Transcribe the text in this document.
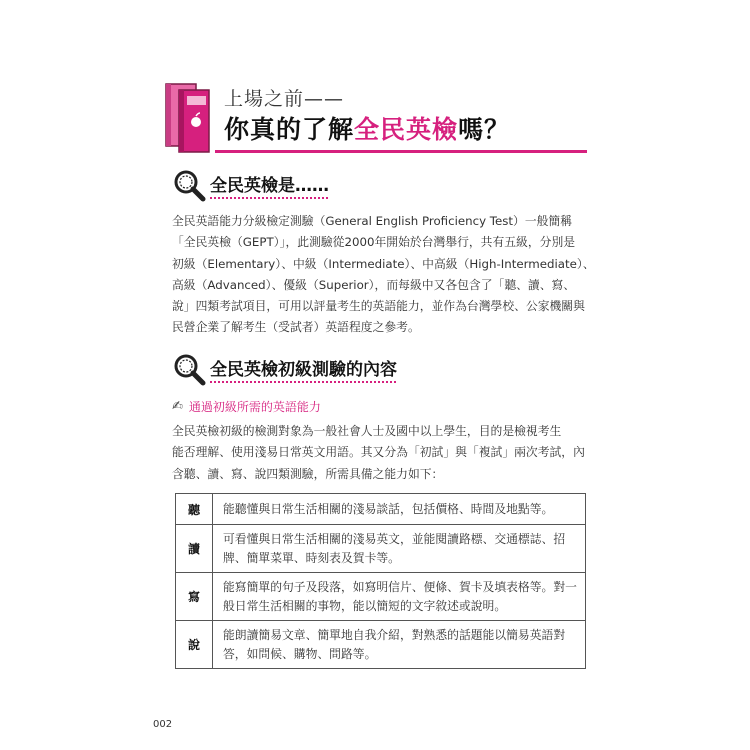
上場之前——
你真的了解全民英檢嗎？
全民英檢是……
全民英語能力分級檢定測驗（General English Proficiency Test）一般簡稱
「全民英檢（GEPT）」，此測驗從2000年開始於台灣舉行，共有五級，分別是
初級（Elementary）、中級（Intermediate）、中高級（High-Intermediate）、
高級（Advanced）、優級（Superior），而每級中又各包含了「聽、讀、寫、
說」四類考試項目，可用以評量考生的英語能力，並作為台灣學校、公家機關與
民營企業了解考生（受試者）英語程度之參考。
全民英檢初級測驗的內容
✍ 通過初級所需的英語能力
全民英檢初級的檢測對象為一般社會人士及國中以上學生，目的是檢視考生
能否理解、使用淺易日常英文用語。其又分為「初試」與「複試」兩次考試，內
含聽、讀、寫、說四類測驗，所需具備之能力如下：
聽	能聽懂與日常生活相關的淺易談話，包括價格、時間及地點等。

讀	可看懂與日常生活相關的淺易英文，並能閱讀路標、交通標誌、招
牌、簡單菜單、時刻表及賀卡等。

寫	能寫簡單的句子及段落，如寫明信片、便條、賀卡及填表格等。對一
般日常生活相關的事物，能以簡短的文字敘述或說明。

說	能朗讀簡易文章、簡單地自我介紹，對熟悉的話題能以簡易英語對
答，如問候、購物、問路等。
002
